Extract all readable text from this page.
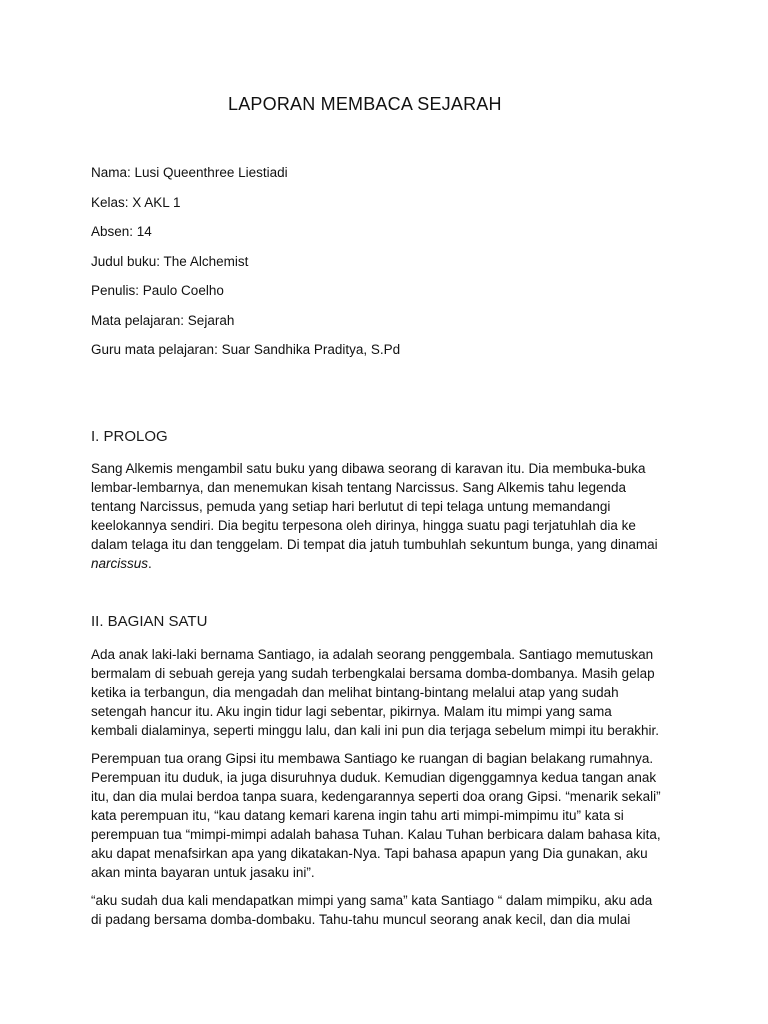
LAPORAN MEMBACA SEJARAH
Nama: Lusi Queenthree Liestiadi
Kelas: X AKL 1
Absen: 14
Judul buku: The Alchemist
Penulis: Paulo Coelho
Mata pelajaran: Sejarah
Guru mata pelajaran: Suar Sandhika Praditya, S.Pd
I. PROLOG

Sang Alkemis mengambil satu buku yang dibawa seorang di karavan itu. Dia membuka-buka
lembar-lembarnya, dan menemukan kisah tentang Narcissus. Sang Alkemis tahu legenda
tentang Narcissus, pemuda yang setiap hari berlutut di tepi telaga untung memandangi
keelokannya sendiri. Dia begitu terpesona oleh dirinya, hingga suatu pagi terjatuhlah dia ke
dalam telaga itu dan tenggelam. Di tempat dia jatuh tumbuhlah sekuntum bunga, yang dinamai
narcissus.

II. BAGIAN SATU

Ada anak laki-laki bernama Santiago, ia adalah seorang penggembala. Santiago memutuskan
bermalam di sebuah gereja yang sudah terbengkalai bersama domba-dombanya. Masih gelap
ketika ia terbangun, dia mengadah dan melihat bintang-bintang melalui atap yang sudah
setengah hancur itu. Aku ingin tidur lagi sebentar, pikirnya. Malam itu mimpi yang sama
kembali dialaminya, seperti minggu lalu, dan kali ini pun dia terjaga sebelum mimpi itu berakhir.

Perempuan tua orang Gipsi itu membawa Santiago ke ruangan di bagian belakang rumahnya.
Perempuan itu duduk, ia juga disuruhnya duduk. Kemudian digenggamnya kedua tangan anak
itu, dan dia mulai berdoa tanpa suara, kedengarannya seperti doa orang Gipsi. “menarik sekali”
kata perempuan itu, “kau datang kemari karena ingin tahu arti mimpi-mimpimu itu” kata si
perempuan tua “mimpi-mimpi adalah bahasa Tuhan. Kalau Tuhan berbicara dalam bahasa kita,
aku dapat menafsirkan apa yang dikatakan-Nya. Tapi bahasa apapun yang Dia gunakan, aku
akan minta bayaran untuk jasaku ini”.

“aku sudah dua kali mendapatkan mimpi yang sama” kata Santiago “ dalam mimpiku, aku ada
di padang bersama domba-dombaku. Tahu-tahu muncul seorang anak kecil, dan dia mulai
